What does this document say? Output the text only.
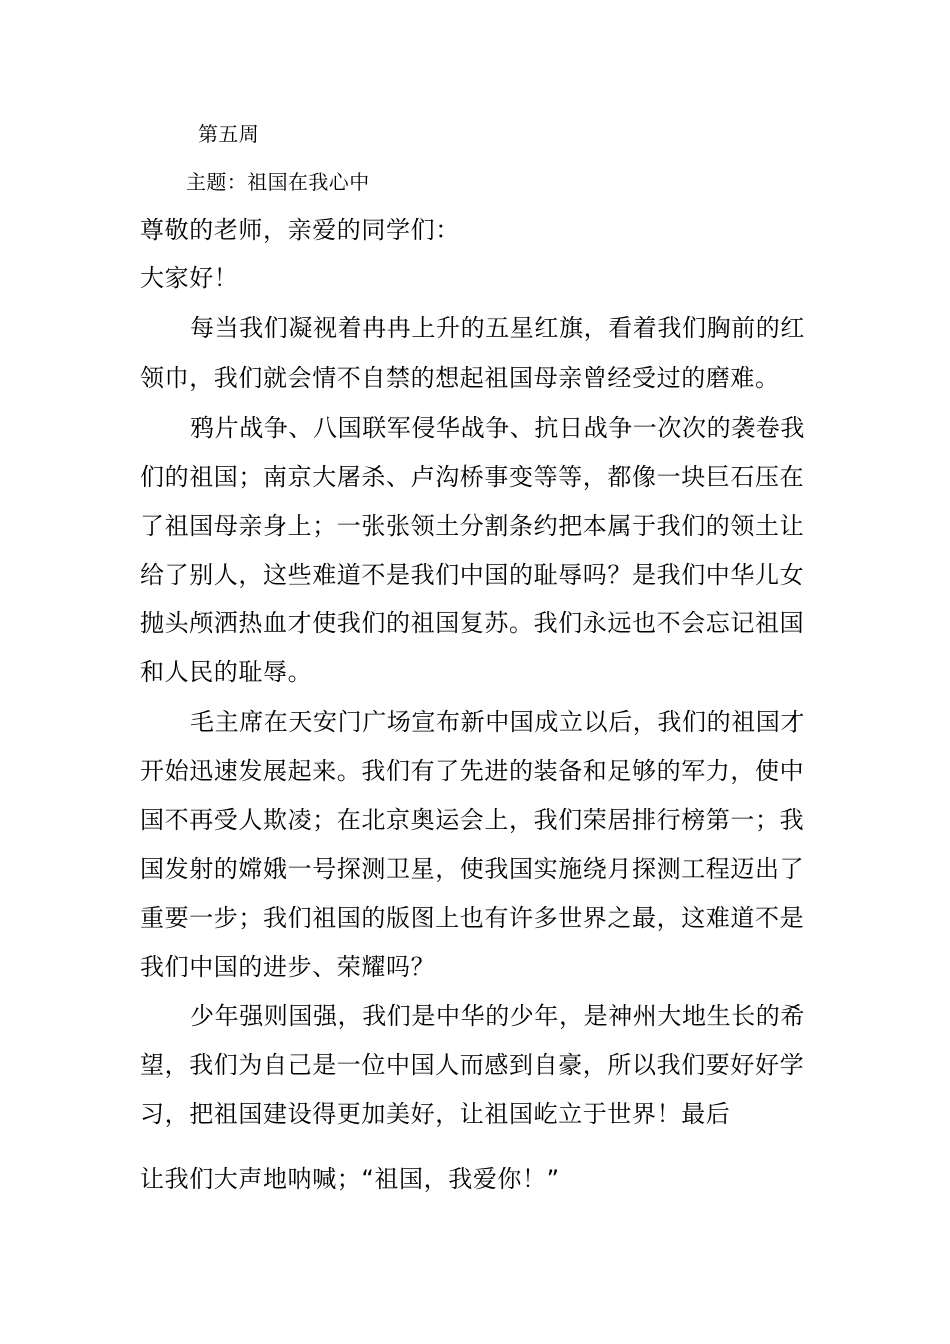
第五周
主题：祖国在我心中
尊敬的老师，亲爱的同学们：
大家好！
每当我们凝视着冉冉上升的五星红旗，看着我们胸前的红
领巾，我们就会情不自禁的想起祖国母亲曾经受过的磨难。
鸦片战争、八国联军侵华战争、抗日战争一次次的袭卷我
们的祖国；南京大屠杀、卢沟桥事变等等，都像一块巨石压在
了祖国母亲身上；一张张领土分割条约把本属于我们的领土让
给了别人，这些难道不是我们中国的耻辱吗？是我们中华儿女
抛头颅洒热血才使我们的祖国复苏。我们永远也不会忘记祖国
和人民的耻辱。
毛主席在天安门广场宣布新中国成立以后，我们的祖国才
开始迅速发展起来。我们有了先进的装备和足够的军力，使中
国不再受人欺凌；在北京奥运会上，我们荣居排行榜第一；我
国发射的嫦娥一号探测卫星，使我国实施绕月探测工程迈出了
重要一步；我们祖国的版图上也有许多世界之最，这难道不是
我们中国的进步、荣耀吗？
少年强则国强，我们是中华的少年，是神州大地生长的希
望，我们为自己是一位中国人而感到自豪，所以我们要好好学
习，把祖国建设得更加美好，让祖国屹立于世界！最后
让我们大声地呐喊；“祖国，我爱你！”
